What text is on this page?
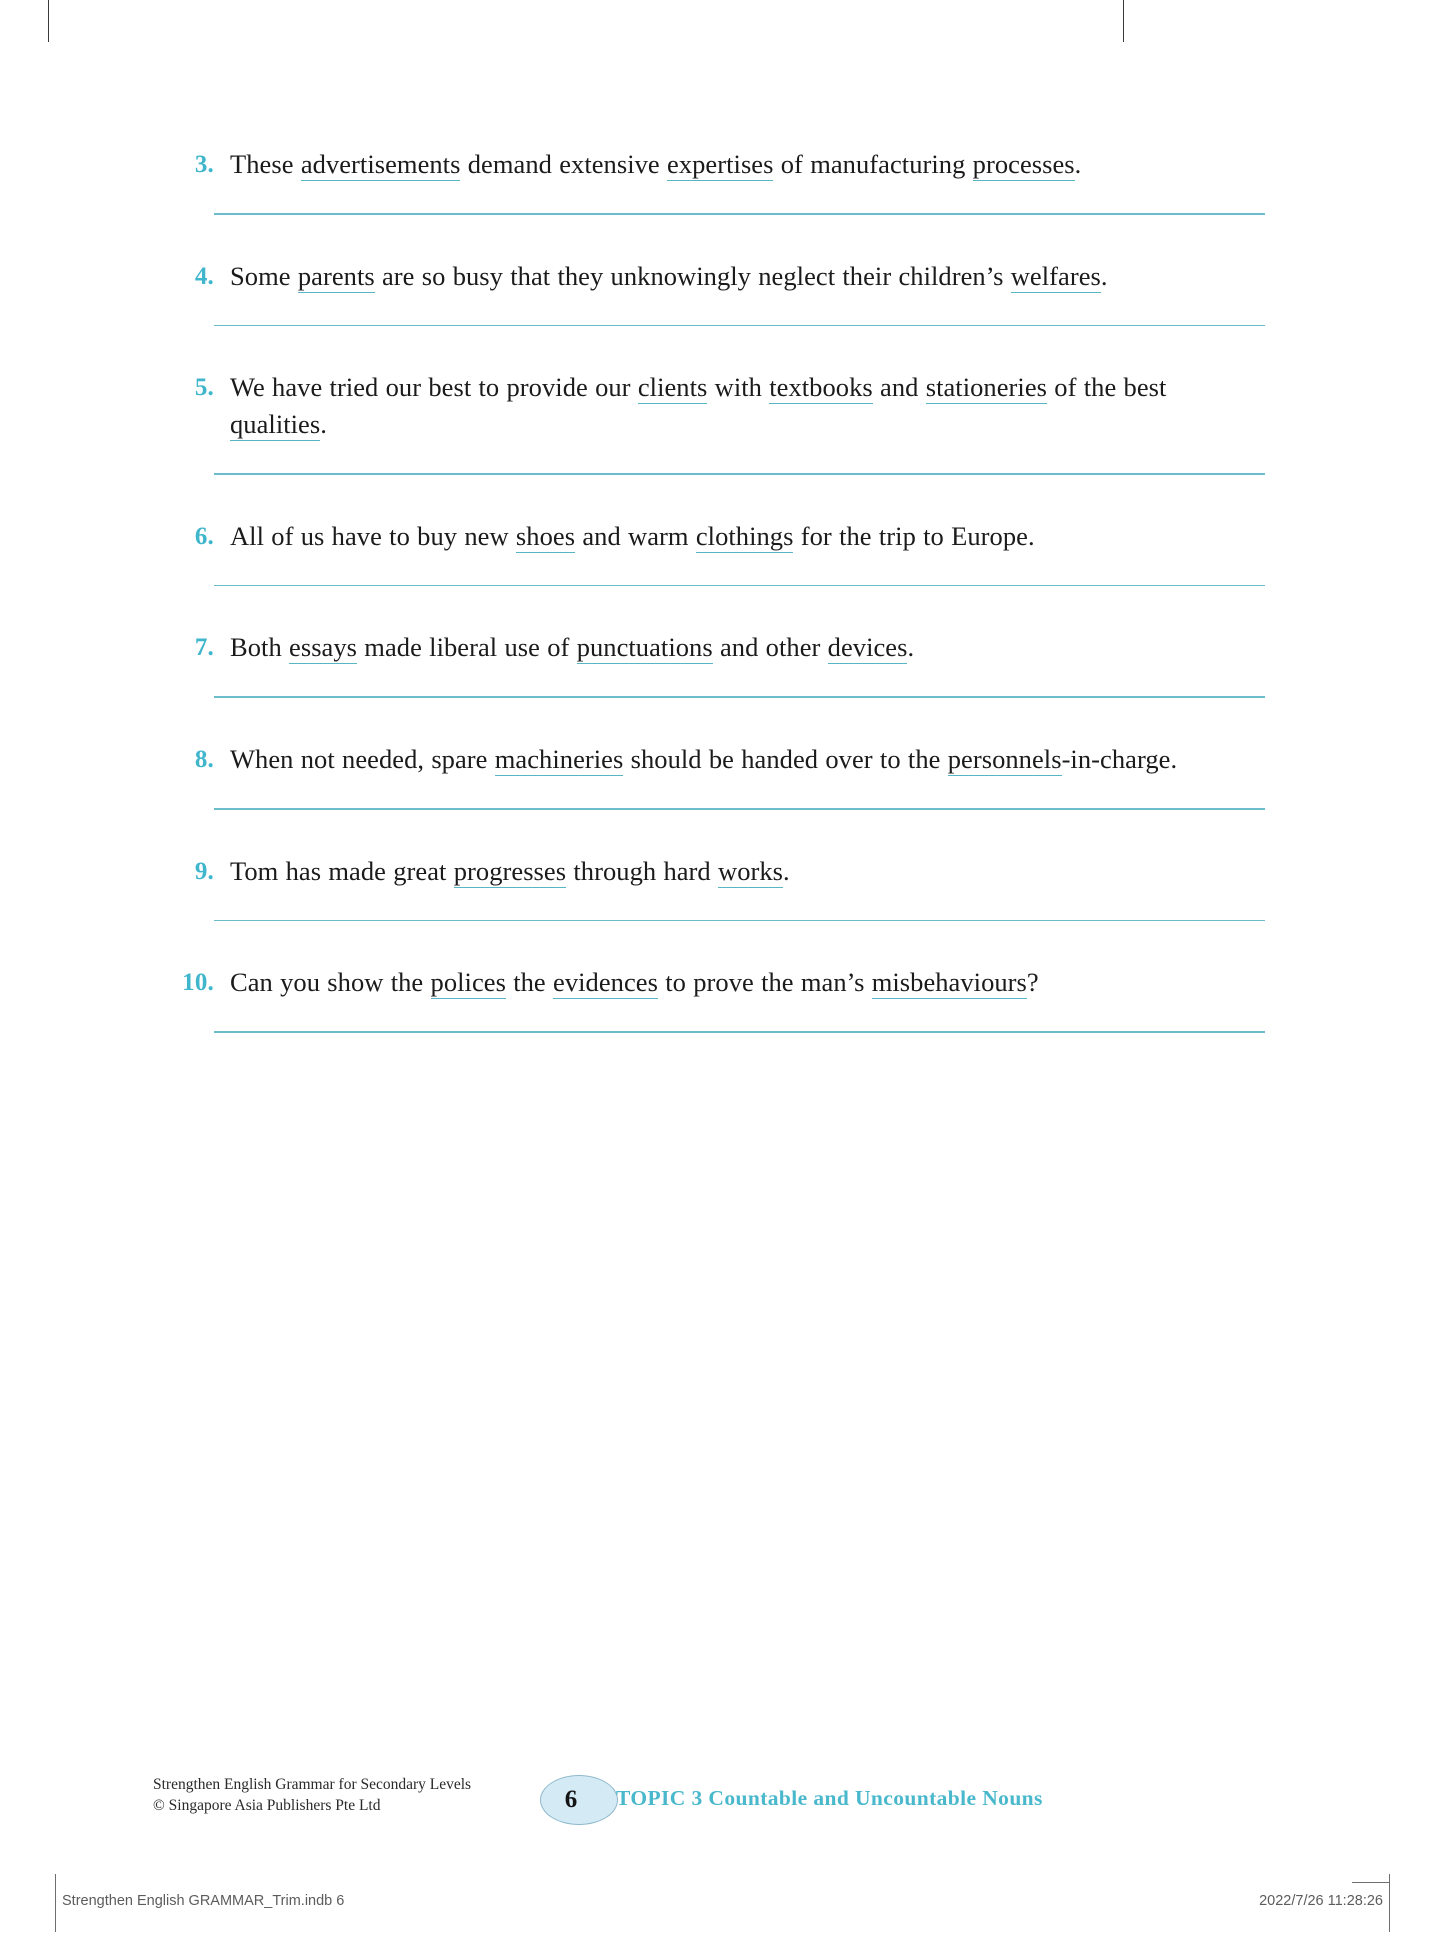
3. These advertisements demand extensive expertises of manufacturing processes.
4. Some parents are so busy that they unknowingly neglect their children’s welfares.
5. We have tried our best to provide our clients with textbooks and stationeries of the best qualities.
6. All of us have to buy new shoes and warm clothings for the trip to Europe.
7. Both essays made liberal use of punctuations and other devices.
8. When not needed, spare machineries should be handed over to the personnels-in-charge.
9. Tom has made great progresses through hard works.
10. Can you show the polices the evidences to prove the man’s misbehaviours?
Strengthen English Grammar for Secondary Levels
© Singapore Asia Publishers Pte Ltd	6	TOPIC 3 Countable and Uncountable Nouns
Strengthen English GRAMMAR_Trim.indb 6	2022/7/26 11:28:26
